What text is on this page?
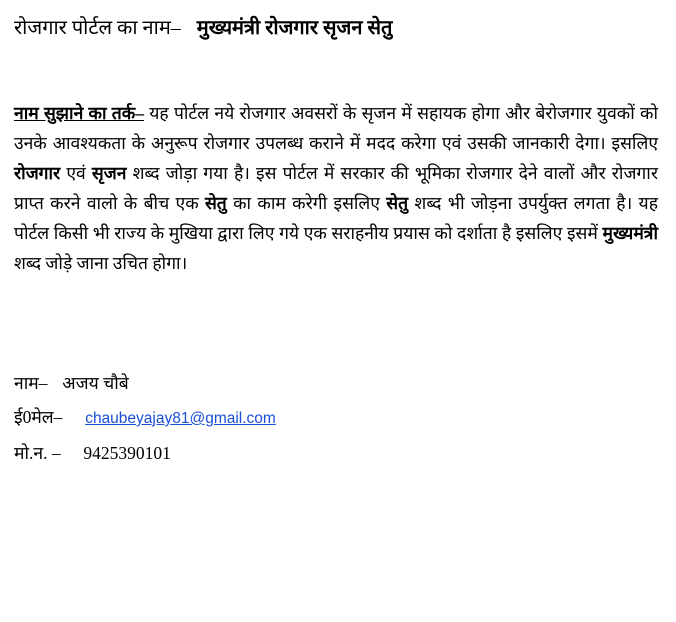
रोजगार पोर्टल का नाम– मुख्यमंत्री रोजगार सृजन सेतु

नाम सुझाने का तर्क– यह पोर्टल नये रोजगार अवसरों के सृजन में सहायक होगा और बेरोजगार युवकों को उनके आवश्यकता के अनुरूप रोजगार उपलब्ध कराने में मदद करेगा एवं उसकी जानकारी देगा। इसलिए रोजगार एवं सृजन शब्द जोड़ा गया है। इस पोर्टल में सरकार की भूमिका रोजगार देने वालों और रोजगार प्राप्त करने वालो के बीच एक सेतु का काम करेगी इसलिए सेतु शब्द भी जोड़ना उपर्युक्त लगता है। यह पोर्टल किसी भी राज्य के मुखिया द्वारा लिए गये एक सराहनीय प्रयास को दर्शाता है इसलिए इसमें मुख्यमंत्री शब्द जोड़े जाना उचित होगा।

नाम– अजय चौबे
ई0मेल– chaubeyajay81@gmail.com
मो.न. – 9425390101
